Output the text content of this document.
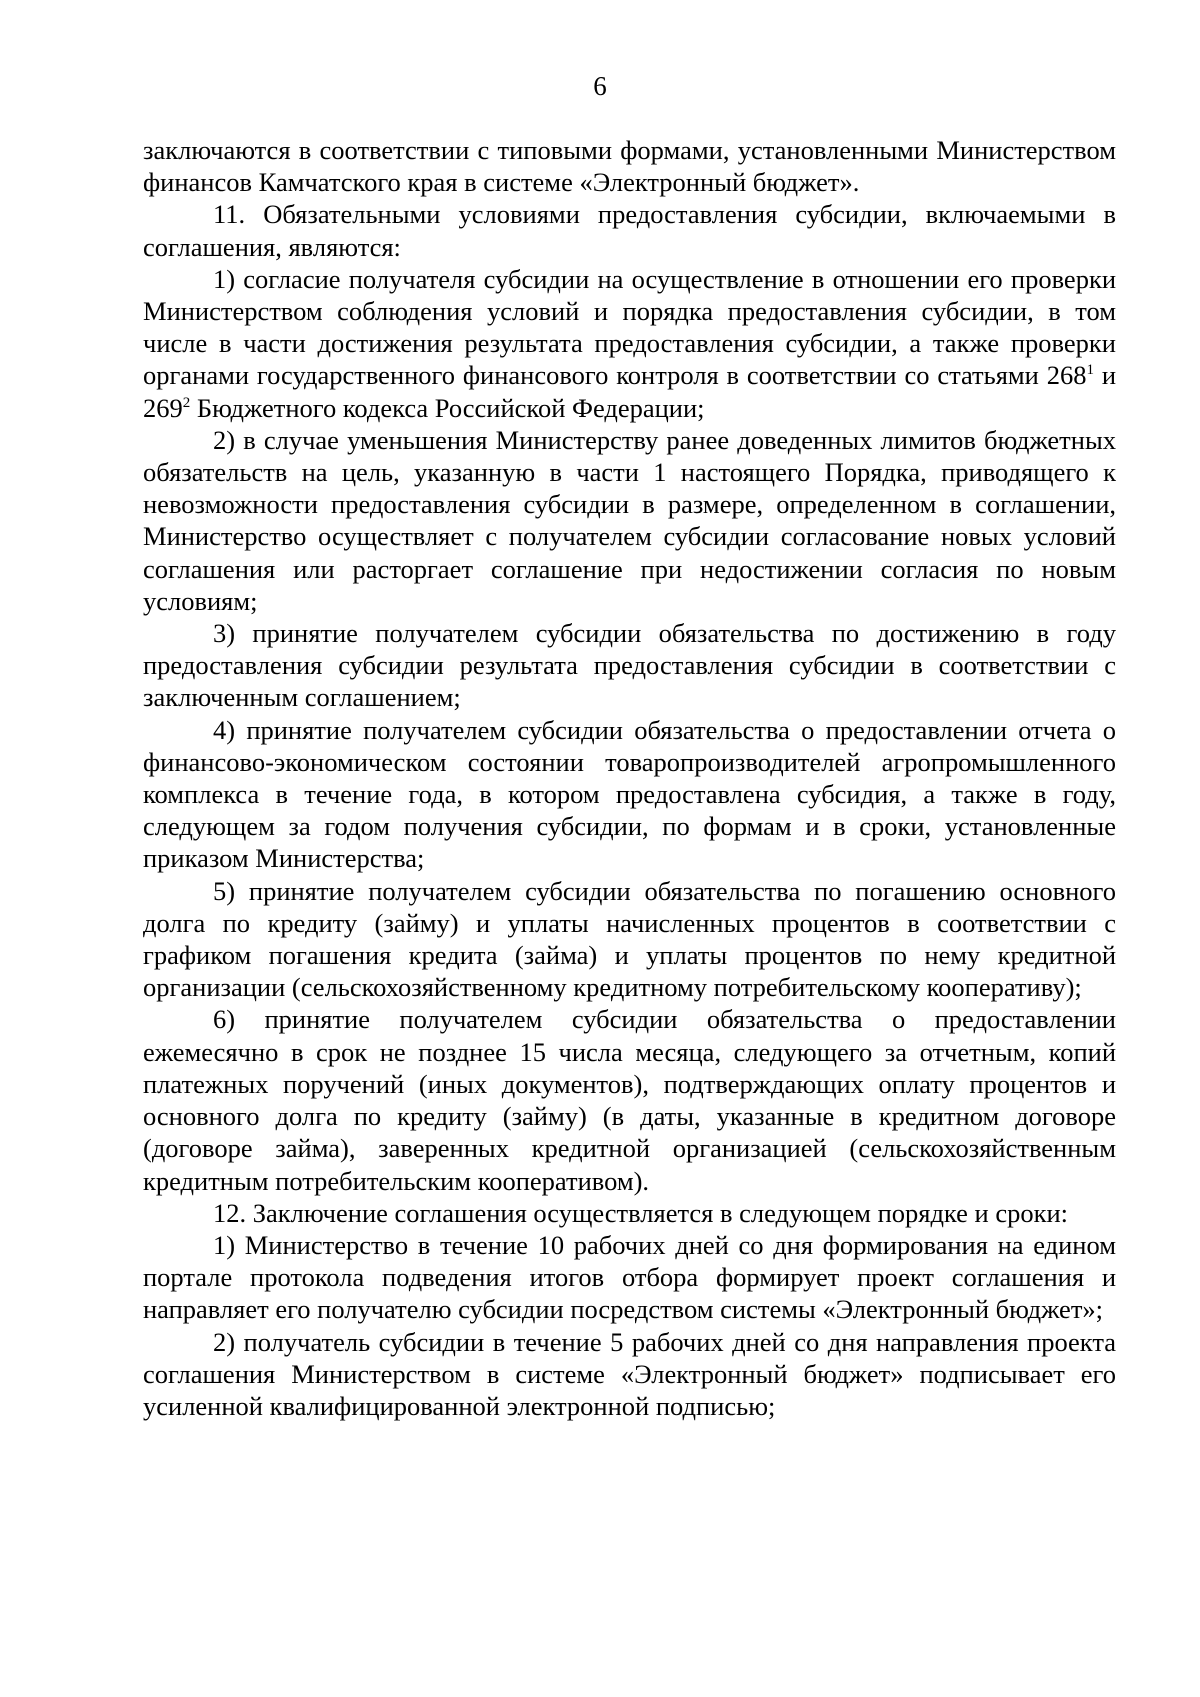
6

заключаются в соответствии с типовыми формами, установленными Министерством финансов Камчатского края в системе «Электронный бюджет».

11. Обязательными условиями предоставления субсидии, включаемыми в соглашения, являются:

1) согласие получателя субсидии на осуществление в отношении его проверки Министерством соблюдения условий и порядка предоставления субсидии, в том числе в части достижения результата предоставления субсидии, а также проверки органами государственного финансового контроля в соответствии со статьями $268^1$ и $269^2$ Бюджетного кодекса Российской Федерации;

2) в случае уменьшения Министерству ранее доведенных лимитов бюджетных обязательств на цель, указанную в части 1 настоящего Порядка, приводящего к невозможности предоставления субсидии в размере, определенном в соглашении, Министерство осуществляет с получателем субсидии согласование новых условий соглашения или расторгает соглашение при недостижении согласия по новым условиям;

3) принятие получателем субсидии обязательства по достижению в году предоставления субсидии результата предоставления субсидии в соответствии с заключенным соглашением;

4) принятие получателем субсидии обязательства о предоставлении отчета о финансово-экономическом состоянии товаропроизводителей агропромышленного комплекса в течение года, в котором предоставлена субсидия, а также в году, следующем за годом получения субсидии, по формам и в сроки, установленные приказом Министерства;

5) принятие получателем субсидии обязательства по погашению основного долга по кредиту (займу) и уплаты начисленных процентов в соответствии с графиком погашения кредита (займа) и уплаты процентов по нему кредитной организации (сельскохозяйственному кредитному потребительскому кооперативу);

6) принятие получателем субсидии обязательства о предоставлении ежемесячно в срок не позднее 15 числа месяца, следующего за отчетным, копий платежных поручений (иных документов), подтверждающих оплату процентов и основного долга по кредиту (займу) (в даты, указанные в кредитном договоре (договоре займа), заверенных кредитной организацией (сельскохозяйственным кредитным потребительским кооперативом).

12. Заключение соглашения осуществляется в следующем порядке и сроки:

1) Министерство в течение 10 рабочих дней со дня формирования на едином портале протокола подведения итогов отбора формирует проект соглашения и направляет его получателю субсидии посредством системы «Электронный бюджет»;

2) получатель субсидии в течение 5 рабочих дней со дня направления проекта соглашения Министерством в системе «Электронный бюджет» подписывает его усиленной квалифицированной электронной подписью;
